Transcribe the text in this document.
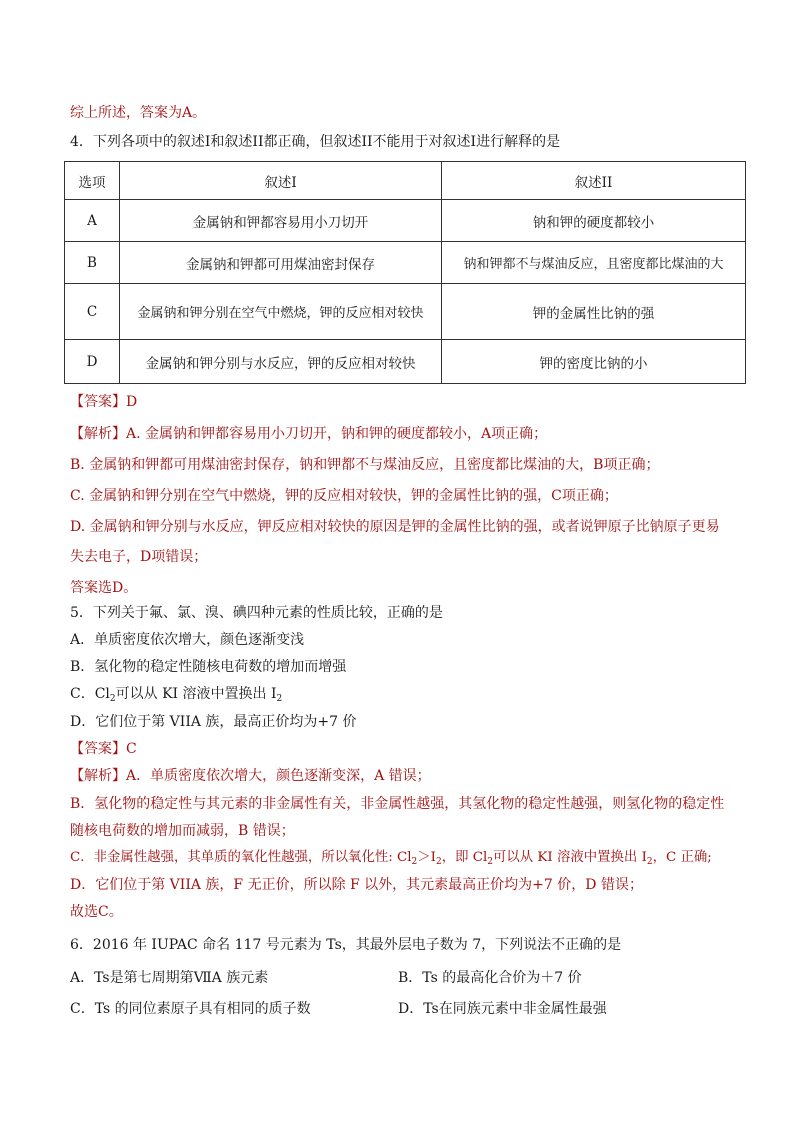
综上所述，答案为A。
4．下列各项中的叙述I和叙述II都正确，但叙述II不能用于对叙述I进行解释的是
选项	叙述I	叙述II
A	金属钠和钾都容易用小刀切开	钠和钾的硬度都较小
B	金属钠和钾都可用煤油密封保存	钠和钾都不与煤油反应，且密度都比煤油的大
C	金属钠和钾分别在空气中燃烧，钾的反应相对较快	钾的金属性比钠的强
D	金属钠和钾分别与水反应，钾的反应相对较快	钾的密度比钠的小
【答案】D
【解析】A. 金属钠和钾都容易用小刀切开，钠和钾的硬度都较小，A项正确；
B. 金属钠和钾都可用煤油密封保存，钠和钾都不与煤油反应，且密度都比煤油的大，B项正确；
C. 金属钠和钾分别在空气中燃烧，钾的反应相对较快，钾的金属性比钠的强，C项正确；
D. 金属钠和钾分别与水反应，钾反应相对较快的原因是钾的金属性比钠的强，或者说钾原子比钠原子更易
失去电子，D项错误；
答案选D。
5．下列关于氟、氯、溴、碘四种元素的性质比较，正确的是
A．单质密度依次增大，颜色逐渐变浅
B．氢化物的稳定性随核电荷数的增加而增强
C．$Cl_2$可以从 KI 溶液中置换出 $I_2$
D．它们位于第 VIIA 族，最高正价均为+7 价
【答案】C
【解析】A．单质密度依次增大，颜色逐渐变深，A 错误；
B．氢化物的稳定性与其元素的非金属性有关，非金属性越强，其氢化物的稳定性越强，则氢化物的稳定性
随核电荷数的增加而减弱，B 错误；
C．非金属性越强，其单质的氧化性越强，所以氧化性: $Cl_2>I_2$，即 $Cl_2$可以从 KI 溶液中置换出 $I_2$，C 正确;
D．它们位于第 VIIA 族，F 无正价，所以除 F 以外，其元素最高正价均为+7 价，D 错误；
故选C。
6．2016 年 IUPAC 命名 117 号元素为 Ts，其最外层电子数为 7，下列说法不正确的是
A．Ts是第七周期第ⅦA 族元素	B．Ts 的最高化合价为＋7 价
C．Ts 的同位素原子具有相同的质子数	D．Ts在同族元素中非金属性最强
